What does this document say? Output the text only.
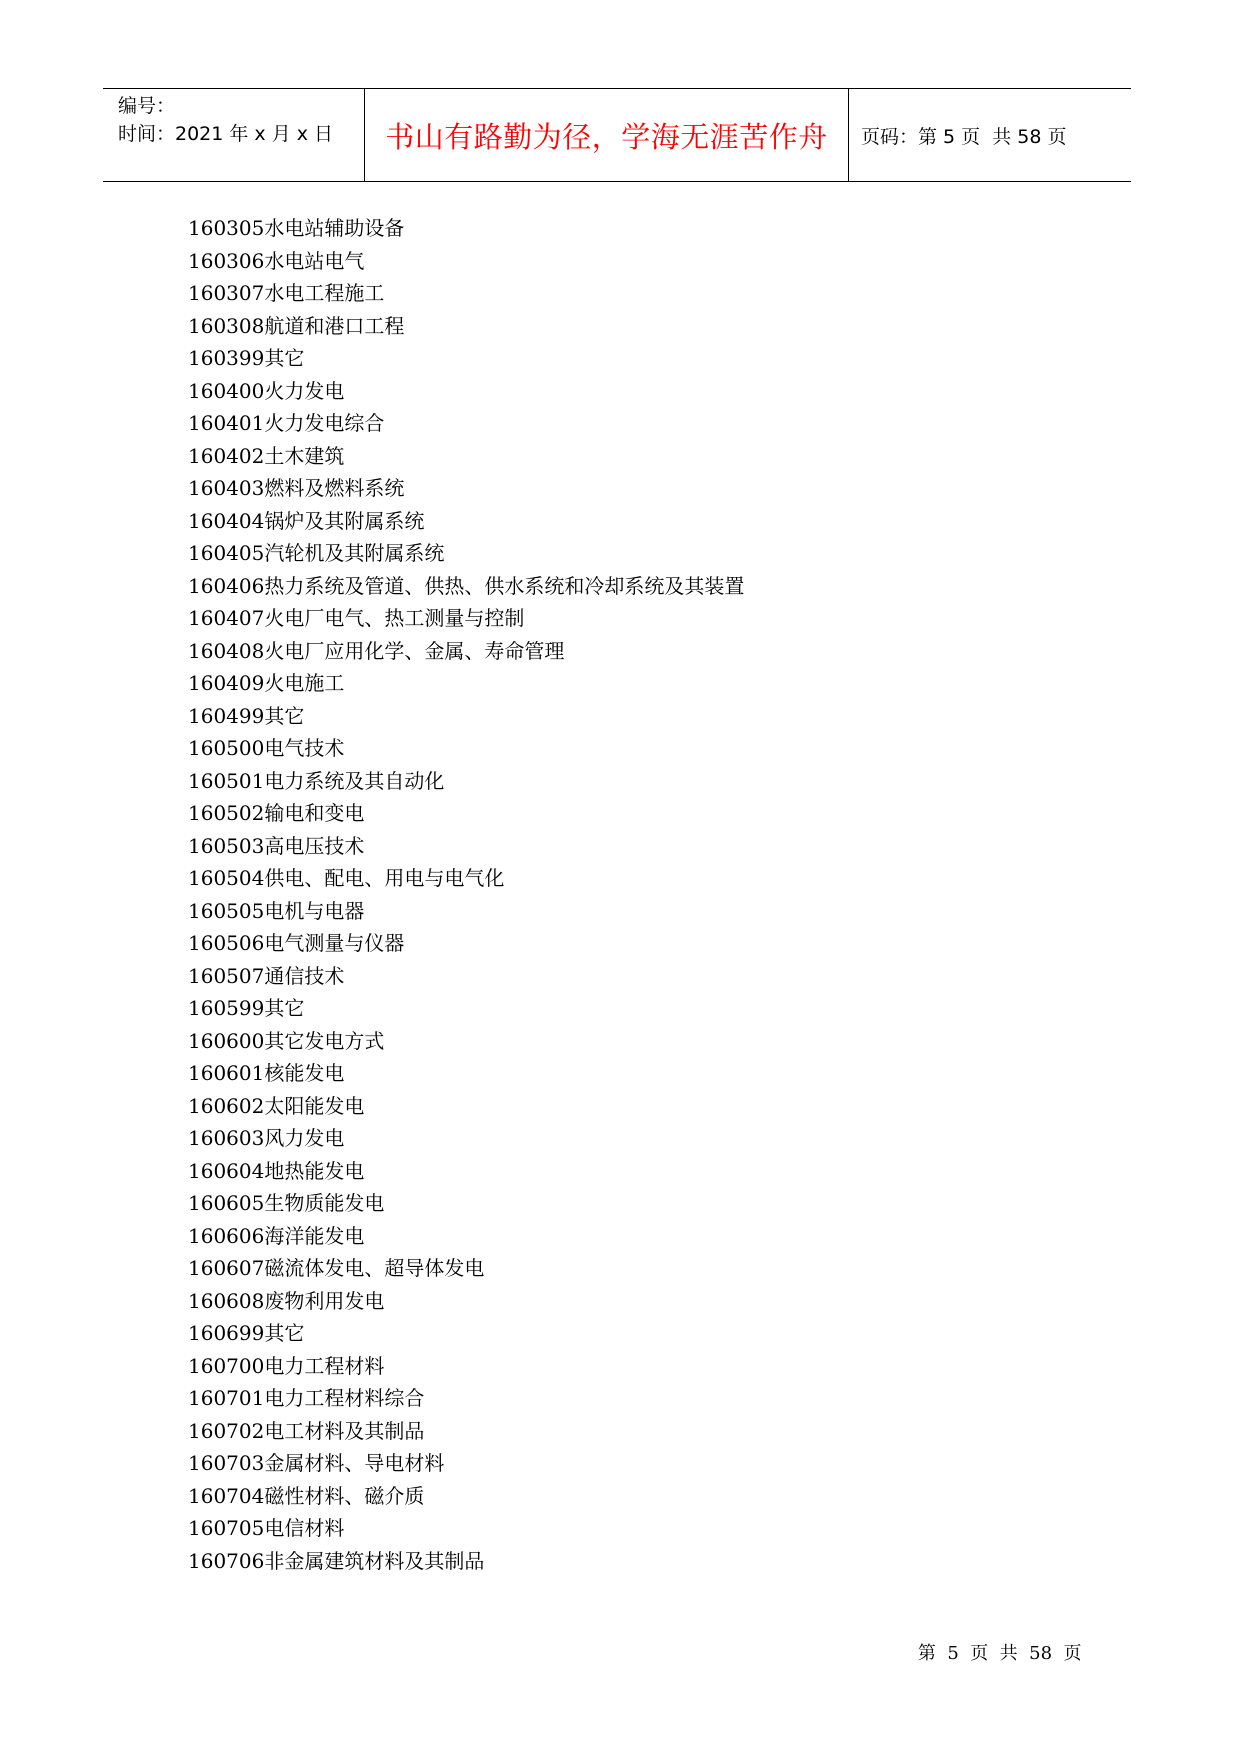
编号：
时间：2021 年 x 月 x 日	书山有路勤为径，学海无涯苦作舟 页码：第 5 页  共 58 页
160305水电站辅助设备
160306水电站电气
160307水电工程施工
160308航道和港口工程
160399其它
160400火力发电
160401火力发电综合
160402土木建筑
160403燃料及燃料系统
160404锅炉及其附属系统
160405汽轮机及其附属系统
160406热力系统及管道、供热、供水系统和冷却系统及其装置
160407火电厂电气、热工测量与控制
160408火电厂应用化学、金属、寿命管理
160409火电施工
160499其它
160500电气技术
160501电力系统及其自动化
160502输电和变电
160503高电压技术
160504供电、配电、用电与电气化
160505电机与电器
160506电气测量与仪器
160507通信技术
160599其它
160600其它发电方式
160601核能发电
160602太阳能发电
160603风力发电
160604地热能发电
160605生物质能发电
160606海洋能发电
160607磁流体发电、超导体发电
160608废物利用发电
160699其它
160700电力工程材料
160701电力工程材料综合
160702电工材料及其制品
160703金属材料、导电材料
160704磁性材料、磁介质
160705电信材料
160706非金属建筑材料及其制品

第  5  页  共  58  页
